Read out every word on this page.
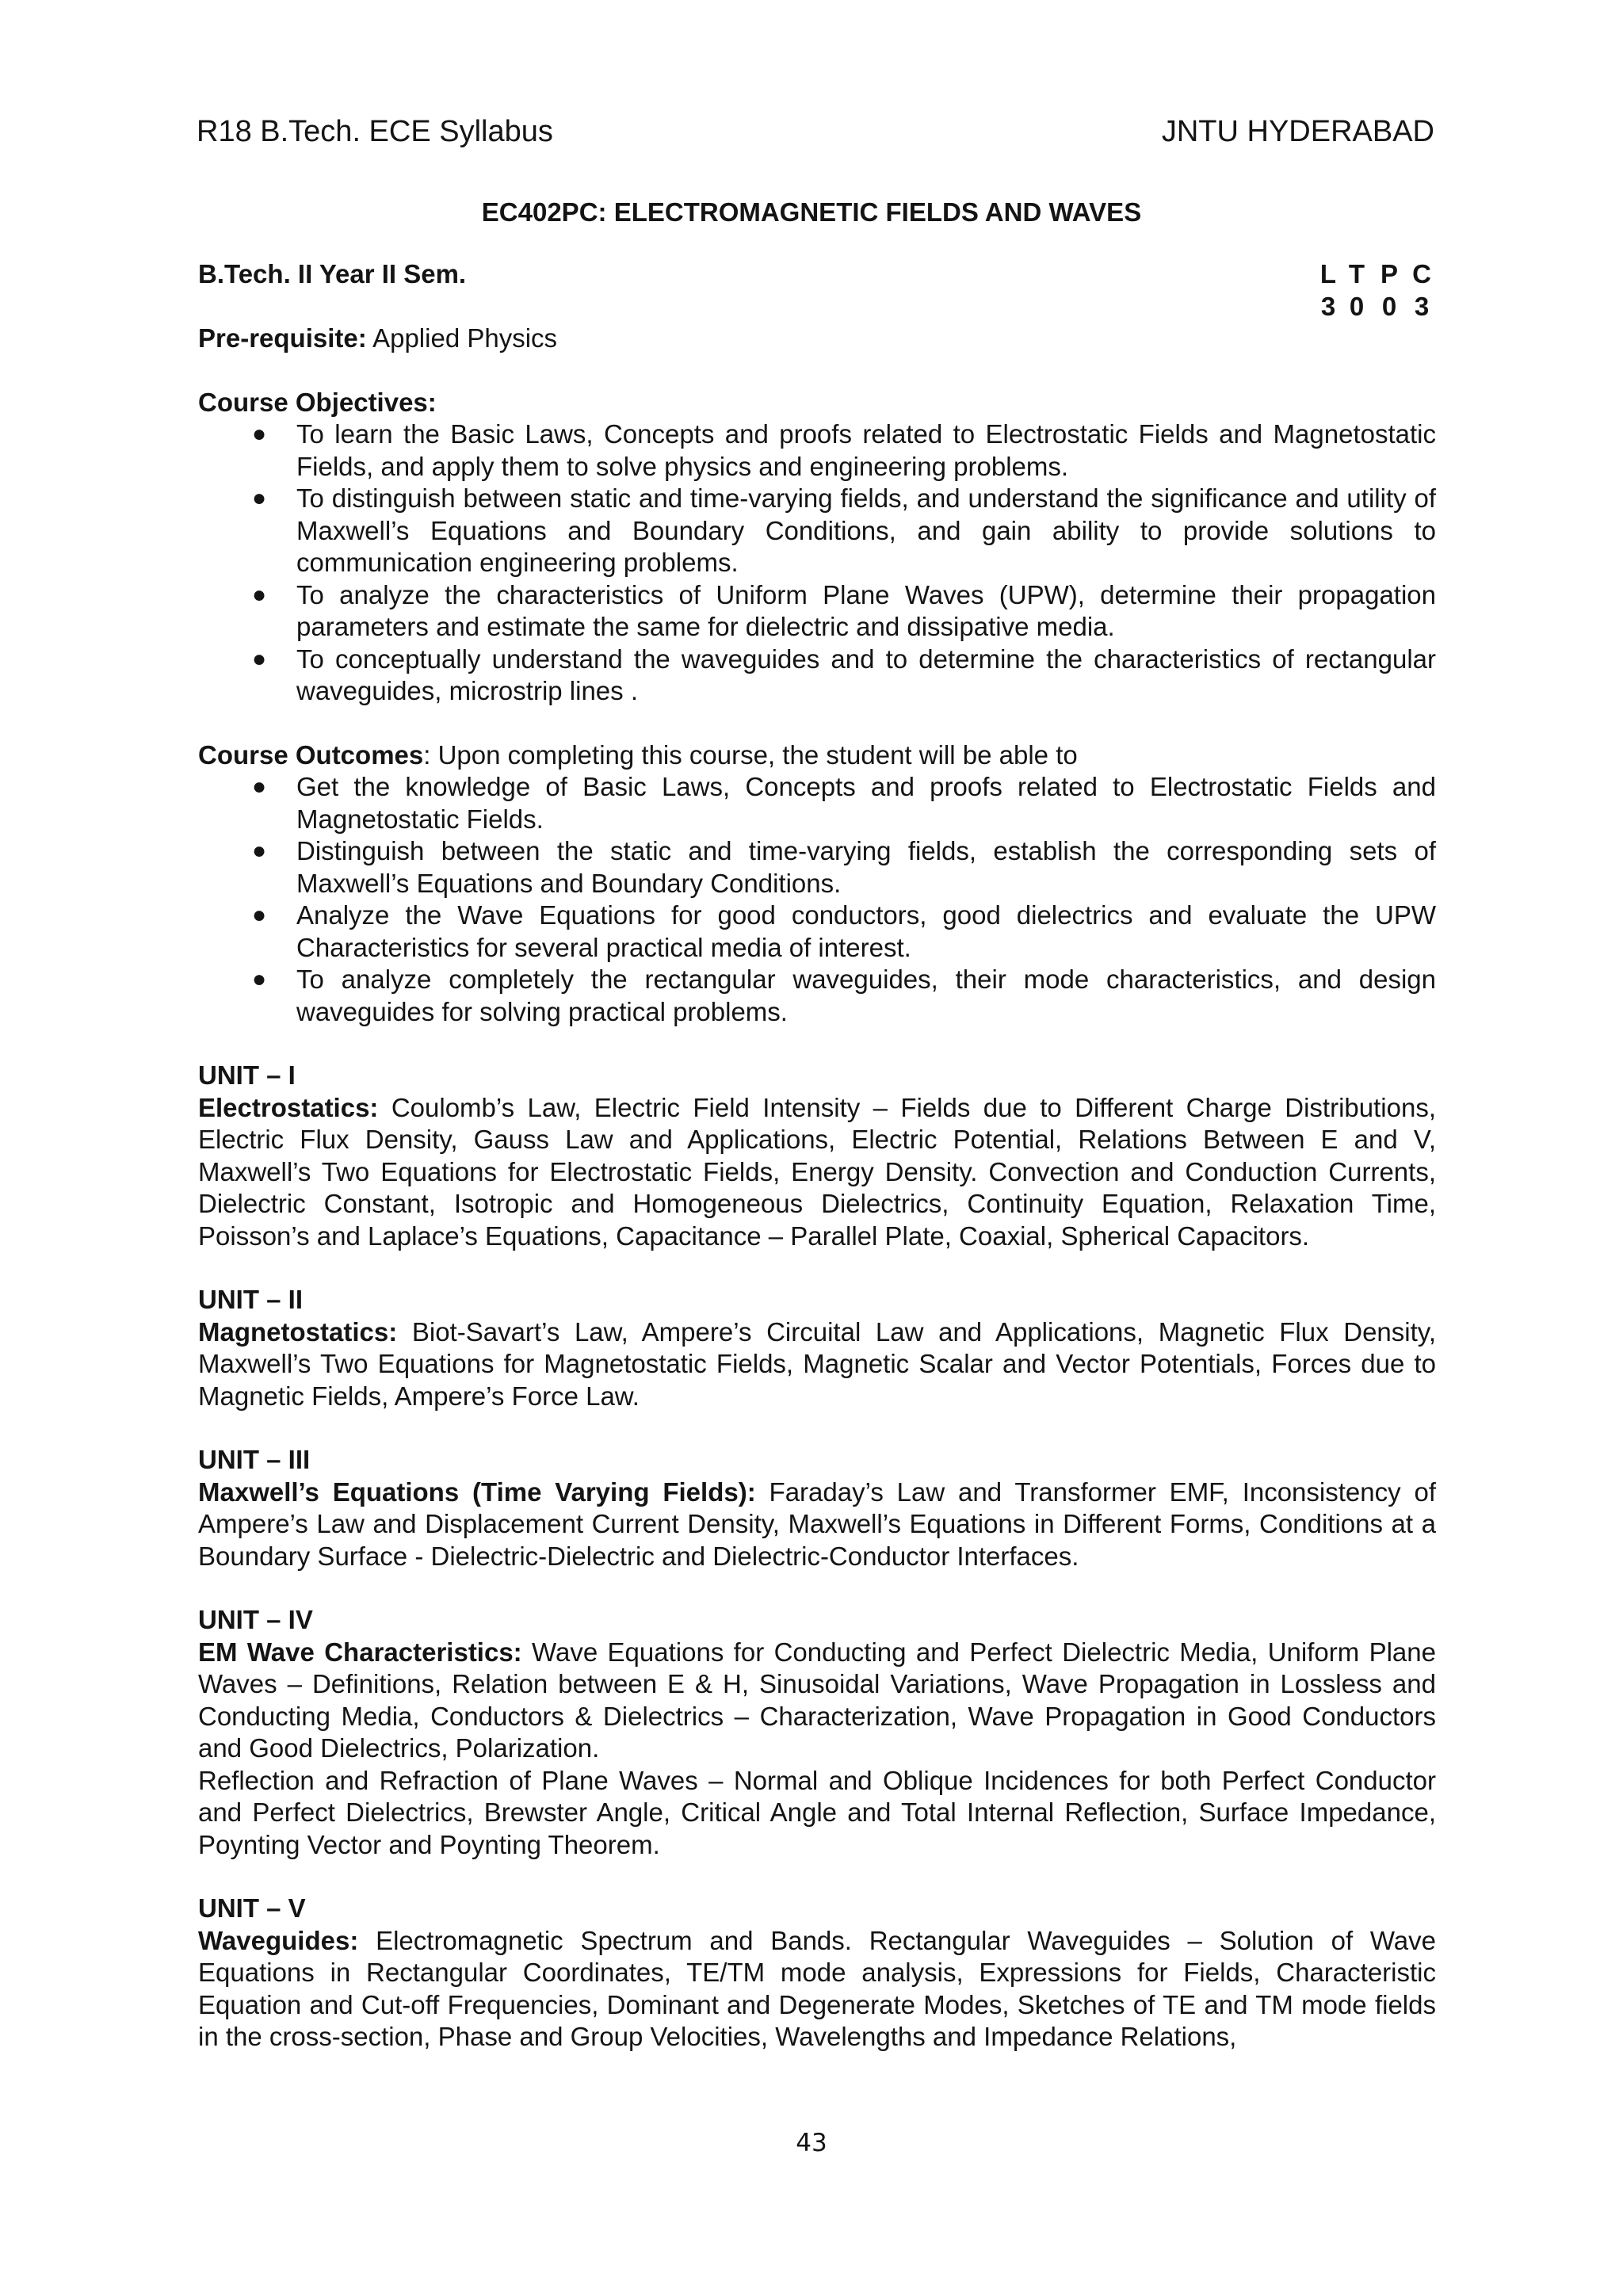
R18 B.Tech. ECE Syllabus	JNTU HYDERABAD
EC402PC: ELECTROMAGNETIC FIELDS AND WAVES
B.Tech. II Year II Sem.	L T P C
3 0 0 3
Pre-requisite: Applied Physics
Course Objectives:
● To learn the Basic Laws, Concepts and proofs related to Electrostatic Fields and Magnetostatic Fields, and apply them to solve physics and engineering problems.
● To distinguish between static and time-varying fields, and understand the significance and utility of Maxwell’s Equations and Boundary Conditions, and gain ability to provide solutions to communication engineering problems.
● To analyze the characteristics of Uniform Plane Waves (UPW), determine their propagation parameters and estimate the same for dielectric and dissipative media.
● To conceptually understand the waveguides and to determine the characteristics of rectangular waveguides, microstrip lines .
Course Outcomes: Upon completing this course, the student will be able to
● Get the knowledge of Basic Laws, Concepts and proofs related to Electrostatic Fields and Magnetostatic Fields.
● Distinguish between the static and time-varying fields, establish the corresponding sets of Maxwell’s Equations and Boundary Conditions.
● Analyze the Wave Equations for good conductors, good dielectrics and evaluate the UPW Characteristics for several practical media of interest.
● To analyze completely the rectangular waveguides, their mode characteristics, and design waveguides for solving practical problems.
UNIT – I
Electrostatics: Coulomb’s Law, Electric Field Intensity – Fields due to Different Charge Distributions, Electric Flux Density, Gauss Law and Applications, Electric Potential, Relations Between E and V, Maxwell’s Two Equations for Electrostatic Fields, Energy Density. Convection and Conduction Currents, Dielectric Constant, Isotropic and Homogeneous Dielectrics, Continuity Equation, Relaxation Time, Poisson’s and Laplace’s Equations, Capacitance – Parallel Plate, Coaxial, Spherical Capacitors.
UNIT – II
Magnetostatics: Biot-Savart’s Law, Ampere’s Circuital Law and Applications, Magnetic Flux Density, Maxwell’s Two Equations for Magnetostatic Fields, Magnetic Scalar and Vector Potentials, Forces due to Magnetic Fields, Ampere’s Force Law.
UNIT – III
Maxwell’s Equations (Time Varying Fields): Faraday’s Law and Transformer EMF, Inconsistency of Ampere’s Law and Displacement Current Density, Maxwell’s Equations in Different Forms, Conditions at a Boundary Surface - Dielectric-Dielectric and Dielectric-Conductor Interfaces.
UNIT – IV
EM Wave Characteristics: Wave Equations for Conducting and Perfect Dielectric Media, Uniform Plane Waves – Definitions, Relation between E & H, Sinusoidal Variations, Wave Propagation in Lossless and Conducting Media, Conductors & Dielectrics – Characterization, Wave Propagation in Good Conductors and Good Dielectrics, Polarization.
Reflection and Refraction of Plane Waves – Normal and Oblique Incidences for both Perfect Conductor and Perfect Dielectrics, Brewster Angle, Critical Angle and Total Internal Reflection, Surface Impedance, Poynting Vector and Poynting Theorem.
UNIT – V
Waveguides: Electromagnetic Spectrum and Bands. Rectangular Waveguides – Solution of Wave Equations in Rectangular Coordinates, TE/TM mode analysis, Expressions for Fields, Characteristic Equation and Cut-off Frequencies, Dominant and Degenerate Modes, Sketches of TE and TM mode fields in the cross-section, Phase and Group Velocities, Wavelengths and Impedance Relations,
43
